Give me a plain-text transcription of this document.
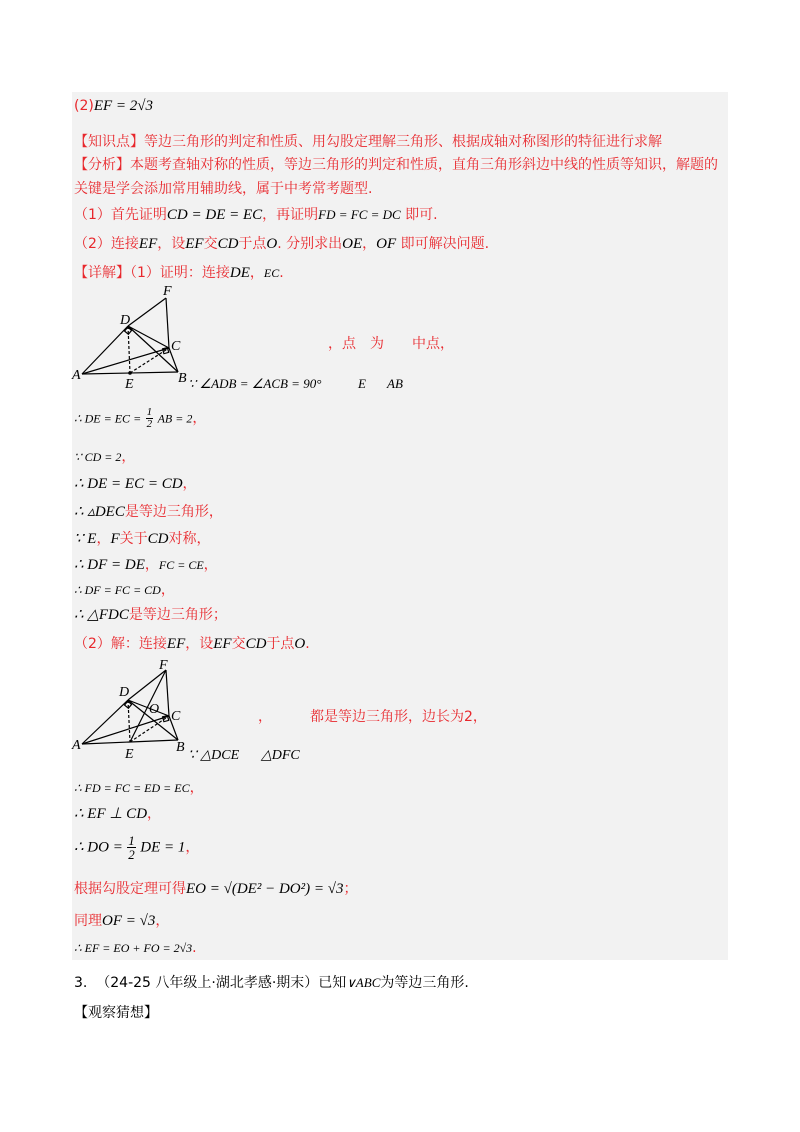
(2)EF = 2√3
【知识点】等边三角形的判定和性质、用勾股定理解三角形、根据成轴对称图形的特征进行求解
【分析】本题考查轴对称的性质，等边三角形的判定和性质，直角三角形斜边中线的性质等知识，解题的
关键是学会添加常用辅助线，属于中考常考题型.
（1）首先证明CD = DE = EC，再证明FD = FC = DC 即可.
（2）连接EF，设EF交CD于点O. 分别求出OE，OF 即可解决问题.
【详解】（1）证明：连接DE，EC.
A	B
C
D
E
F
，点　为　　中点，
∵ ∠ADB = ∠ACB = 90°	E AB
∴ DE = EC = $\frac{1}{2}$ AB = 2，
∵ CD = 2，
∴ DE = EC = CD，
∴ ▵DEC是等边三角形，
∵ E，F关于CD对称，
∴ DF = DE，FC = CE，
∴ DF = FC = CD，
∴ △FDC是等边三角形；
（2）解：连接EF，设EF交CD于点O.
A	B
C
D
E
F
O	，	都是等边三角形，边长为2，
∵ △DCE △DFC
∴ FD = FC = ED = EC，
∴ EF ⊥ CD，
∴ DO = $\frac{1}{2}$ DE = 1，
根据勾股定理可得EO = √(DE² − DO²) = √3；
同理OF = √3，
∴ EF = EO + FO = 2√3.
3. （24-25 八年级上·湖北孝感·期末）已知∨ABC为等边三角形.
【观察猜想】
